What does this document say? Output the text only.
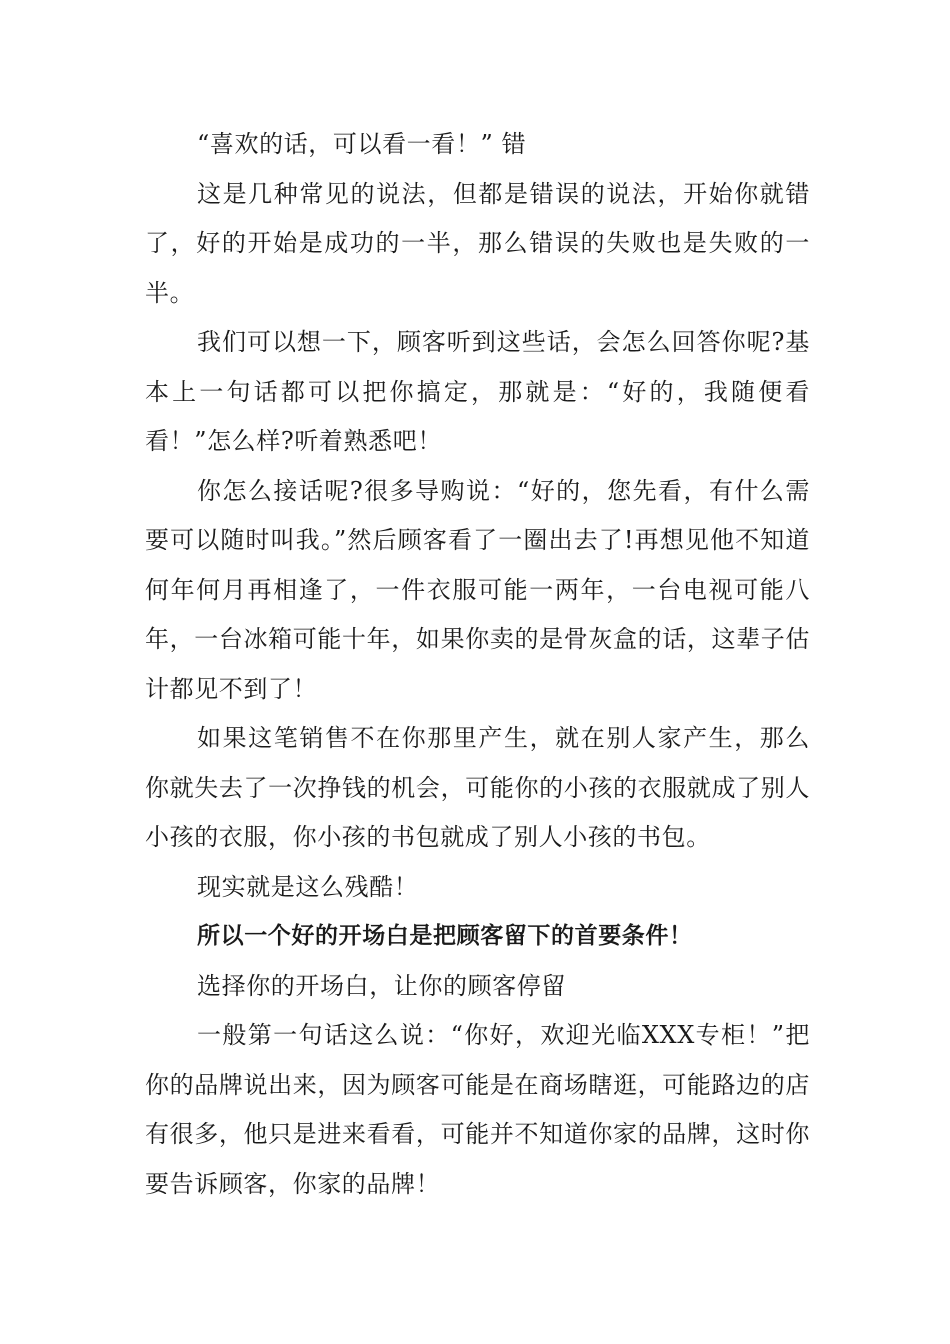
“喜欢的话，可以看一看！” 错

这是几种常见的说法，但都是错误的说法，开始你就错了，好的开始是成功的一半，那么错误的失败也是失败的一半。

我们可以想一下，顾客听到这些话，会怎么回答你呢?基本上一句话都可以把你搞定，那就是：“好的，我随便看看！”怎么样?听着熟悉吧！

你怎么接话呢?很多导购说：“好的，您先看，有什么需要可以随时叫我。”然后顾客看了一圈出去了!再想见他不知道何年何月再相逢了，一件衣服可能一两年，一台电视可能八年，一台冰箱可能十年，如果你卖的是骨灰盒的话，这辈子估计都见不到了！

如果这笔销售不在你那里产生，就在别人家产生，那么你就失去了一次挣钱的机会，可能你的小孩的衣服就成了别人小孩的衣服，你小孩的书包就成了别人小孩的书包。

现实就是这么残酷！

所以一个好的开场白是把顾客留下的首要条件！

选择你的开场白，让你的顾客停留

一般第一句话这么说：“你好，欢迎光临XXX专柜！”把你的品牌说出来，因为顾客可能是在商场瞎逛，可能路边的店有很多，他只是进来看看，可能并不知道你家的品牌，这时你要告诉顾客，你家的品牌！
